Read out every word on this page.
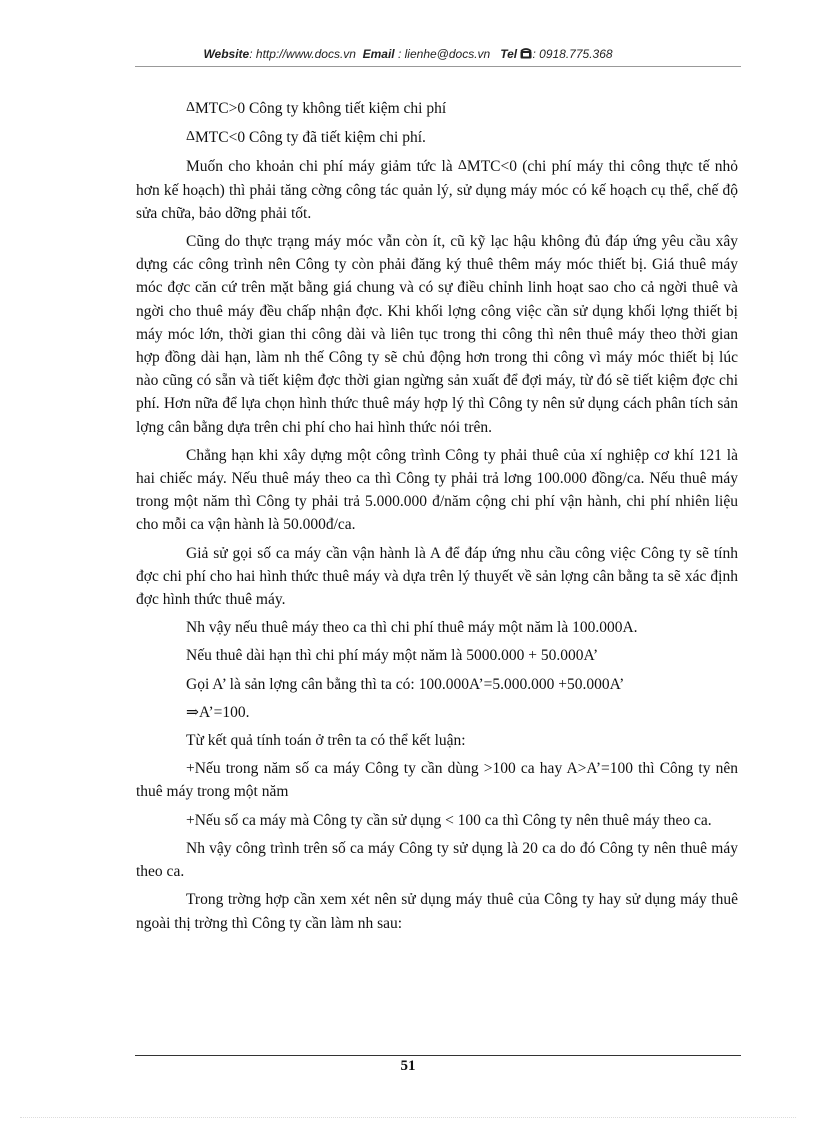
Website: http://www.docs.vn Email : lienhe@docs.vn Tel : 0918.775.368

ΔMTC>0 Công ty không tiết kiệm chi phí

ΔMTC<0 Công ty đã tiết kiệm chi phí.

Muốn cho khoản chi phí máy giảm tức là ΔMTC<0 (chi phí máy thi công thực tế nhỏ hơn kế hoạch) thì phải tăng cờng công tác quản lý, sử dụng máy móc có kế hoạch cụ thể, chế độ sửa chữa, bảo dỡng phải tốt.

Cũng do thực trạng máy móc vẫn còn ít, cũ kỹ lạc hậu không đủ đáp ứng yêu cầu xây dựng các công trình nên Công ty còn phải đăng ký thuê thêm máy móc thiết bị. Giá thuê máy móc đợc căn cứ trên mặt bằng giá chung và có sự điều chỉnh linh hoạt sao cho cả ngời thuê và ngời cho thuê máy đều chấp nhận đợc. Khi khối lợng công việc cần sử dụng khối lợng thiết bị máy móc lớn, thời gian thi công dài và liên tục trong thi công thì nên thuê máy theo thời gian hợp đồng dài hạn, làm nh thế Công ty sẽ chủ động hơn trong thi công vì máy móc thiết bị lúc nào cũng có sẵn và tiết kiệm đợc thời gian ngừng sản xuất để đợi máy, từ đó sẽ tiết kiệm đợc chi phí. Hơn nữa để lựa chọn hình thức thuê máy hợp lý thì Công ty nên sử dụng cách phân tích sản lợng cân bằng dựa trên chi phí cho hai hình thức nói trên.

Chẳng hạn khi xây dựng một công trình Công ty phải thuê của xí nghiệp cơ khí 121 là hai chiếc máy. Nếu thuê máy theo ca thì Công ty phải trả lơng 100.000 đồng/ca. Nếu thuê máy trong một năm thì Công ty phải trả 5.000.000 đ/năm cộng chi phí vận hành, chi phí nhiên liệu cho mỗi ca vận hành là 50.000đ/ca.

Giả sử gọi số ca máy cần vận hành là A để đáp ứng nhu cầu công việc Công ty sẽ tính đợc chi phí cho hai hình thức thuê máy và dựa trên lý thuyết về sản lợng cân bằng ta sẽ xác định đợc hình thức thuê máy.

Nh vậy nếu thuê máy theo ca thì chi phí thuê máy một năm là 100.000A.

Nếu thuê dài hạn thì chi phí máy một năm là 5000.000 + 50.000A’

Gọi A’ là sản lợng cân bằng thì ta có: 100.000A’=5.000.000 +50.000A’

⇒A’=100.

Từ kết quả tính toán ở trên ta có thể kết luận:

+Nếu trong năm số ca máy Công ty cần dùng >100 ca hay A>A’=100 thì Công ty nên thuê máy trong một năm

+Nếu số ca máy mà Công ty cần sử dụng < 100 ca thì Công ty nên thuê máy theo ca.

Nh vậy công trình trên số ca máy Công ty sử dụng là 20 ca do đó Công ty nên thuê máy theo ca.

Trong trờng hợp cần xem xét nên sử dụng máy thuê của Công ty hay sử dụng máy thuê ngoài thị trờng thì Công ty cần làm nh sau:

51
